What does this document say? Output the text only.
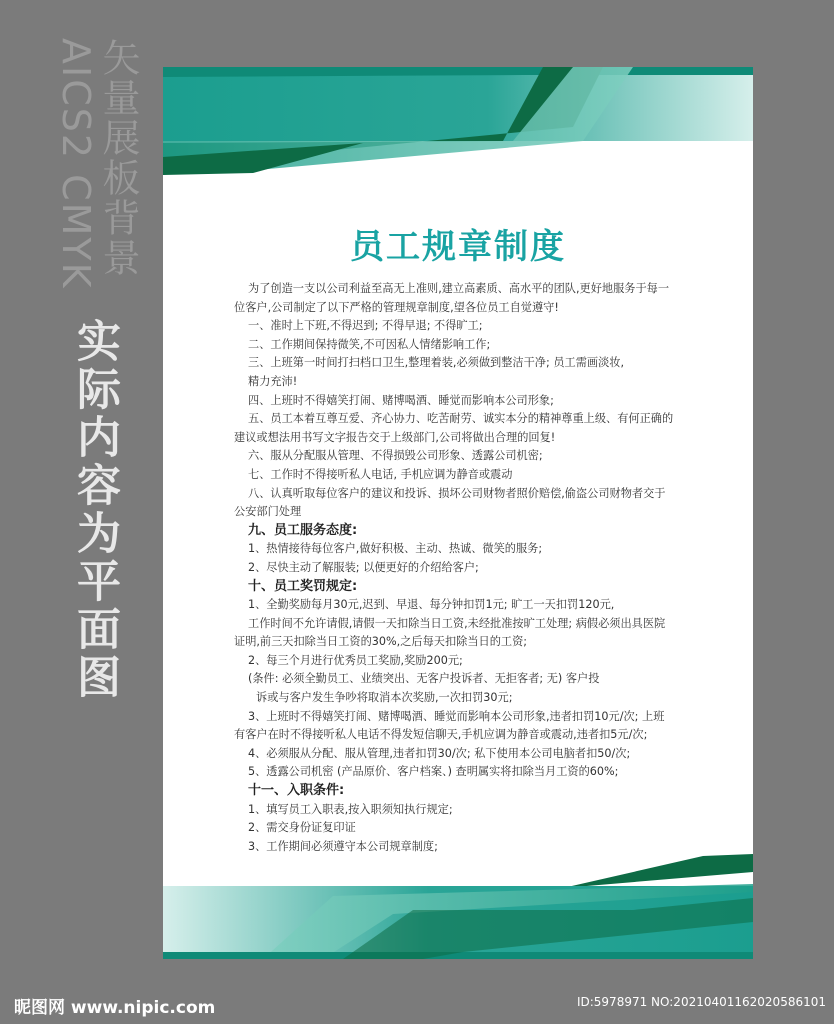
矢量展板背景
AICS2 CMYK
实际内容为平面图
员工规章制度

为了创造一支以公司利益至高无上准则,建立高素质、高水平的团队,更好地服务于每一

位客户,公司制定了以下严格的管理规章制度,望各位员工自觉遵守!

一、准时上下班,不得迟到; 不得早退; 不得旷工;

二、工作期间保持微笑,不可因私人情绪影响工作;

三、上班第一时间打扫档口卫生,整理着装,必须做到整洁干净; 员工需画淡妆,

精力充沛!

四、上班时不得嬉笑打闹、赌博喝酒、睡觉而影响本公司形象;

五、员工本着互尊互爱、齐心协力、吃苦耐劳、诚实本分的精神尊重上级、有何正确的

建议或想法用书写文字报告交于上级部门,公司将做出合理的回复!

六、服从分配服从管理、不得损毁公司形象、透露公司机密;

七、工作时不得接听私人电话, 手机应调为静音或震动

八、认真听取每位客户的建议和投诉、损坏公司财物者照价赔偿,偷盗公司财物者交于

公安部门处理

九、员工服务态度:

1、热情接待每位客户,做好积极、主动、热诚、微笑的服务;

2、尽快主动了解服装; 以便更好的介绍给客户;

十、员工奖罚规定:

1、全勤奖励每月30元,迟到、早退、每分钟扣罚1元; 旷工一天扣罚120元,

工作时间不允许请假,请假一天扣除当日工资,未经批准按旷工处理; 病假必须出具医院

证明,前三天扣除当日工资的30%,之后每天扣除当日的工资;

2、每三个月进行优秀员工奖励,奖励200元;

(条件: 必须全勤员工、业绩突出、无客户投诉者、无拒客者; 无) 客户投

诉或与客户发生争吵将取消本次奖励,一次扣罚30元;

3、上班时不得嬉笑打闹、赌博喝酒、睡觉而影响本公司形象,违者扣罚10元/次; 上班

有客户在时不得接听私人电话不得发短信聊天,手机应调为静音或震动,违者扣5元/次;

4、必须服从分配、服从管理,违者扣罚30/次; 私下使用本公司电脑者扣50/次;

5、透露公司机密 (产品原价、客户档案、) 查明属实将扣除当月工资的60%;

十一、入职条件:

1、填写员工入职表,按入职须知执行规定;

2、需交身份证复印证

3、工作期间必须遵守本公司规章制度;

昵图网 www.nipic.com	ID:5978971 NO:20210401162020586101
